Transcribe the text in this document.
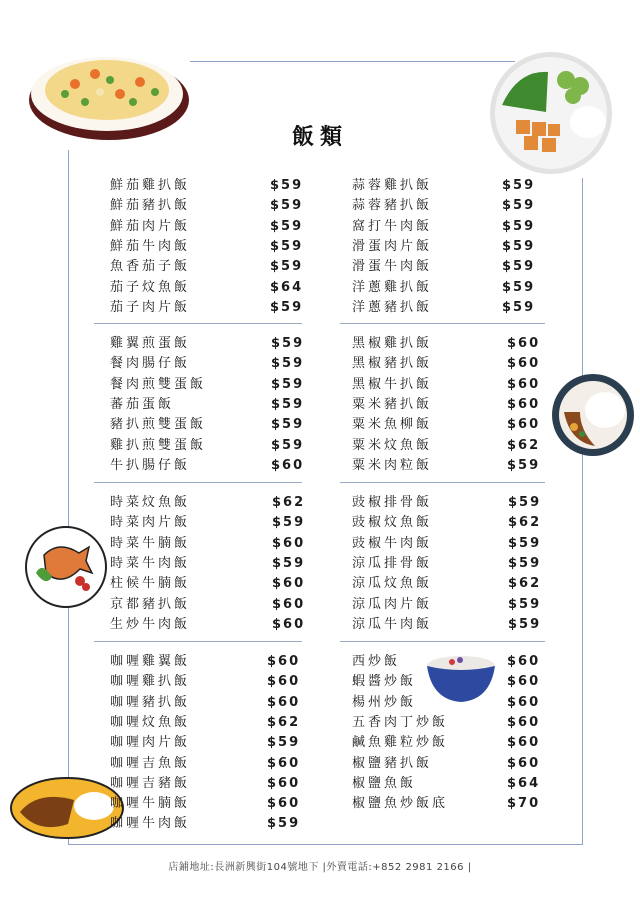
飯類
鮮茄雞扒飯	$59
鮮茄豬扒飯	$59
鮮茄肉片飯	$59
鮮茄牛肉飯	$59
魚香茄子飯	$59
茄子炆魚飯	$64
茄子肉片飯	$59
蒜蓉雞扒飯	$59
蒜蓉豬扒飯	$59
窩打牛肉飯	$59
滑蛋肉片飯	$59
滑蛋牛肉飯	$59
洋蔥雞扒飯	$59
洋蔥豬扒飯	$59
雞翼煎蛋飯	$59
餐肉腸仔飯	$59
餐肉煎雙蛋飯	$59
蕃茄蛋飯	$59
豬扒煎雙蛋飯	$59
雞扒煎雙蛋飯	$59
牛扒腸仔飯	$60
黑椒雞扒飯	$60
黑椒豬扒飯	$60
黑椒牛扒飯	$60
粟米豬扒飯	$60
粟米魚柳飯	$60
粟米炆魚飯	$62
粟米肉粒飯	$59
時菜炆魚飯	$62
時菜肉片飯	$59
時菜牛腩飯	$60
時菜牛肉飯	$59
柱候牛腩飯	$60
京都豬扒飯	$60
生炒牛肉飯	$60
豉椒排骨飯	$59
豉椒炆魚飯	$62
豉椒牛肉飯	$59
涼瓜排骨飯	$59
涼瓜炆魚飯	$62
涼瓜肉片飯	$59
涼瓜牛肉飯	$59
咖喱雞翼飯	$60
咖喱雞扒飯	$60
咖喱豬扒飯	$60
咖喱炆魚飯	$62
咖喱肉片飯	$59
咖喱吉魚飯	$60
咖喱吉豬飯	$60
咖喱牛腩飯	$60
咖喱牛肉飯	$59
西炒飯	$60
蝦醬炒飯	$60
楊州炒飯	$60
五香肉丁炒飯	$60
鹹魚雞粒炒飯	$60
椒鹽豬扒飯	$60
椒鹽魚飯	$64
椒鹽魚炒飯底	$70
店鋪地址:長洲新興街104號地下 |外賣電話:+852 2981 2166 |
